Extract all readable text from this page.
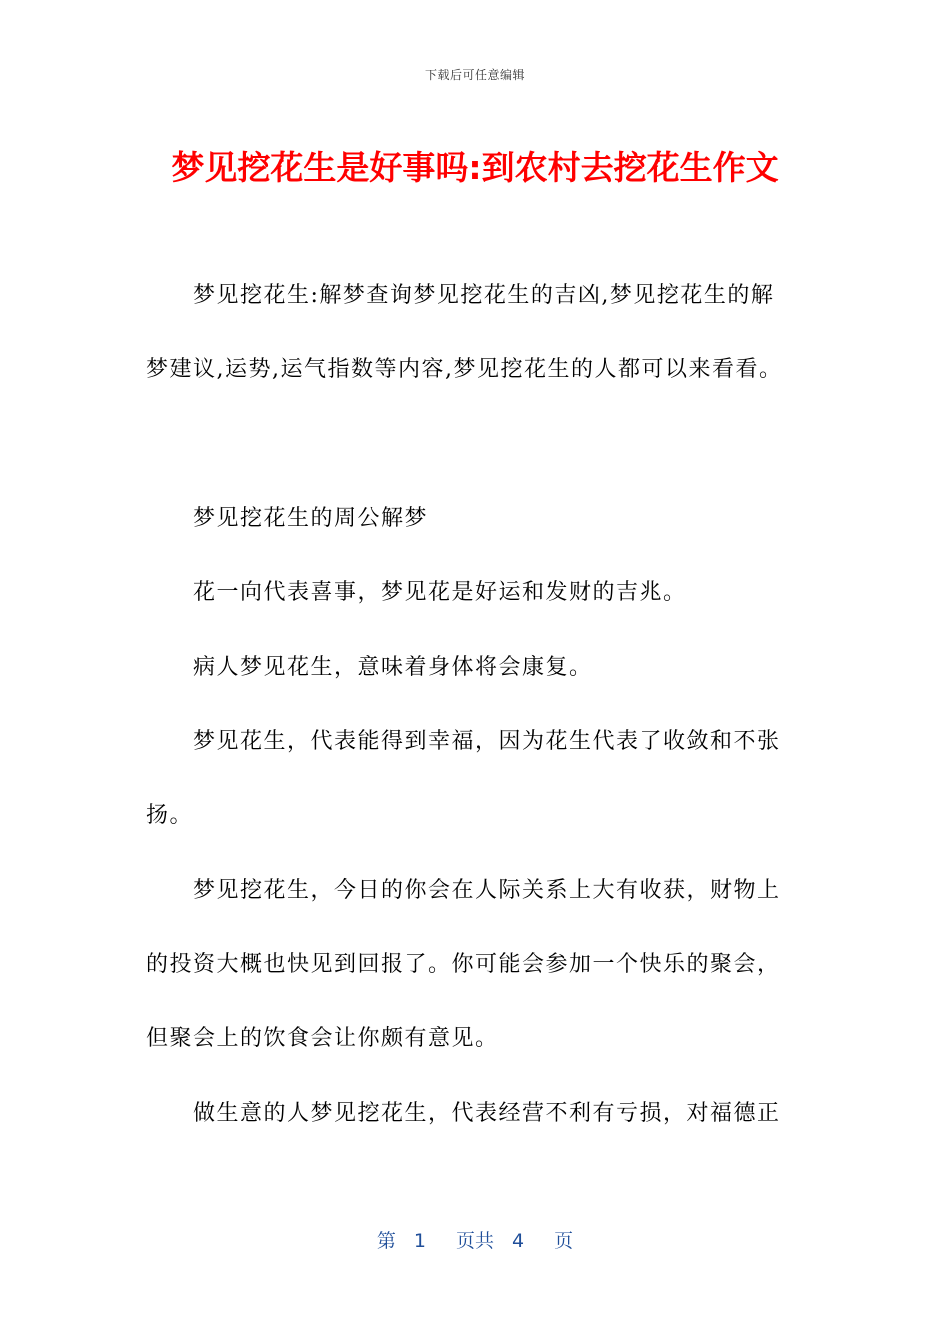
下载后可任意编辑
梦见挖花生是好事吗:到农村去挖花生作文
梦见挖花生:解梦查询梦见挖花生的吉凶,梦见挖花生的解
梦建议,运势,运气指数等内容,梦见挖花生的人都可以来看看。
梦见挖花生的周公解梦
花一向代表喜事，梦见花是好运和发财的吉兆。
病人梦见花生，意味着身体将会康复。
梦见花生，代表能得到幸福，因为花生代表了收敛和不张
扬。
梦见挖花生，今日的你会在人际关系上大有收获，财物上
的投资大概也快见到回报了。你可能会参加一个快乐的聚会，
但聚会上的饮食会让你颇有意见。
做生意的人梦见挖花生，代表经营不利有亏损，对福德正
第 1 页共 4 页
